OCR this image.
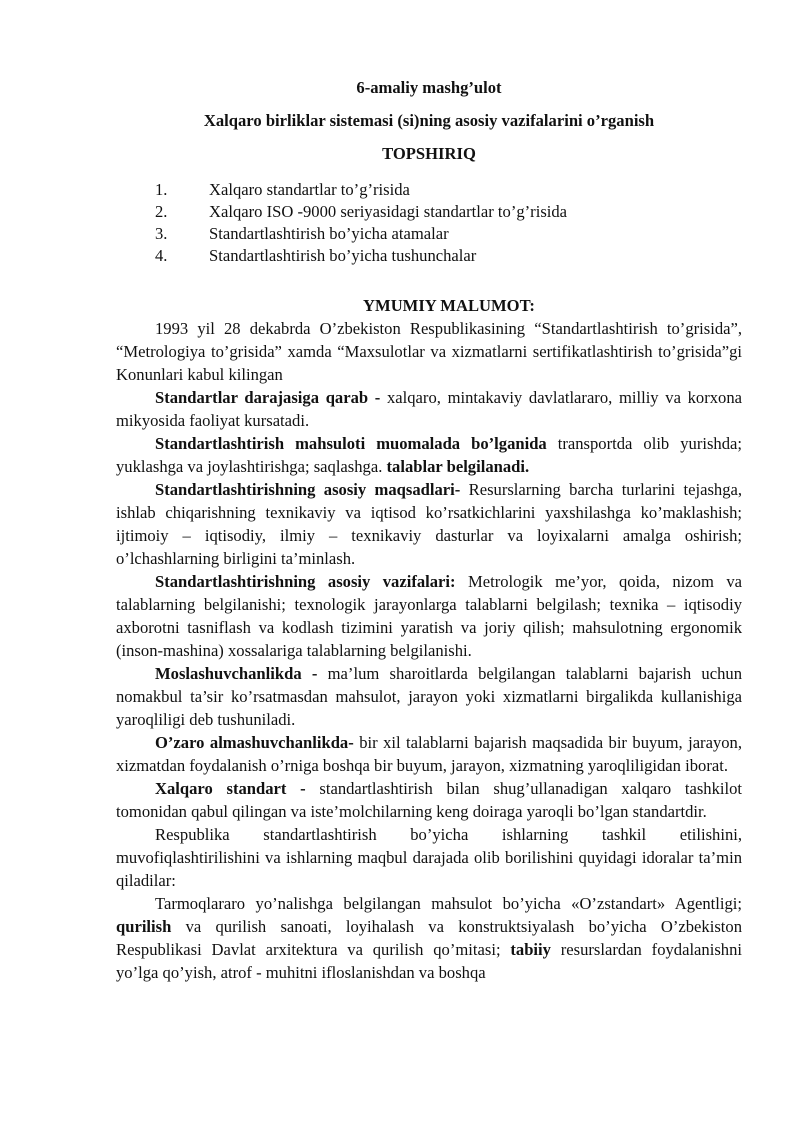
6-amaliy mashg’ulot

Xalqaro birliklar sistemasi (si)ning asosiy vazifalarini o’rganish

TOPSHIRIQ

1.	Xalqaro standartlar to’g’risida
2.	Xalqaro ISO -9000 seriyasidagi standartlar to’g’risida
3.	Standartlashtirish bo’yicha atamalar
4.	Standartlashtirish bo’yicha tushunchalar

YMUMIY MALUMOT:

1993 yil 28 dekabrda O’zbekiston Respublikasining “Standartlashtirish to’grisida”, “Metrologiya to’grisida” xamda “Maxsulotlar va xizmatlarni sertifikatlashtirish to’grisida”gi Konunlari kabul kilingan

Standartlar darajasiga qarab - xalqaro, mintakaviy davlatlararo, milliy va korxona mikyosida faoliyat kursatadi.

Standartlashtirish mahsuloti muomalada bo’lganida transportda olib yurishda; yuklashga va joylashtirishga; saqlashga. talablar belgilanadi.

Standartlashtirishning asosiy maqsadlari- Resurslarning barcha turlarini tejashga, ishlab chiqarishning texnikaviy va iqtisod ko’rsatkichlarini yaxshilashga ko’maklashish; ijtimoiy – iqtisodiy, ilmiy – texnikaviy dasturlar va loyixalarni amalga oshirish; o’lchashlarning birligini ta’minlash.

Standartlashtirishning asosiy vazifalari: Metrologik me’yor, qoida, nizom va talablarning belgilanishi; texnologik jarayonlarga talablarni belgilash; texnika – iqtisodiy axborotni tasniflash va kodlash tizimini yaratish va joriy qilish; mahsulotning ergonomik (inson-mashina) xossalariga talablarning belgilanishi.

Moslashuvchanlikda - ma’lum sharoitlarda belgilangan talablarni bajarish uchun nomakbul ta’sir ko’rsatmasdan mahsulot, jarayon yoki xizmatlarni birgalikda kullanishiga yaroqliligi deb tushuniladi.

O’zaro almashuvchanlikda- bir xil talablarni bajarish maqsadida bir buyum, jarayon, xizmatdan foydalanish o’rniga boshqa bir buyum, jarayon, xizmatning yaroqliligidan iborat.

Xalqaro standart - standartlashtirish bilan shug’ullanadigan xalqaro tashkilot tomonidan qabul qilingan va iste’molchilarning keng doiraga yaroqli bo’lgan standartdir.

Respublika standartlashtirish bo’yicha ishlarning tashkil etilishini, muvofiqlashtirilishini va ishlarning maqbul darajada olib borilishini quyidagi idoralar ta’min qiladilar:

Tarmoqlararo yo’nalishga belgilangan mahsulot bo’yicha «O’zstandart» Agentligi; qurilish va qurilish sanoati, loyihalash va konstruktsiyalash bo’yicha O’zbekiston Respublikasi Davlat arxitektura va qurilish qo’mitasi; tabiiy resurslardan foydalanishni yo’lga qo’yish, atrof - muhitni ifloslanishdan va boshqa
